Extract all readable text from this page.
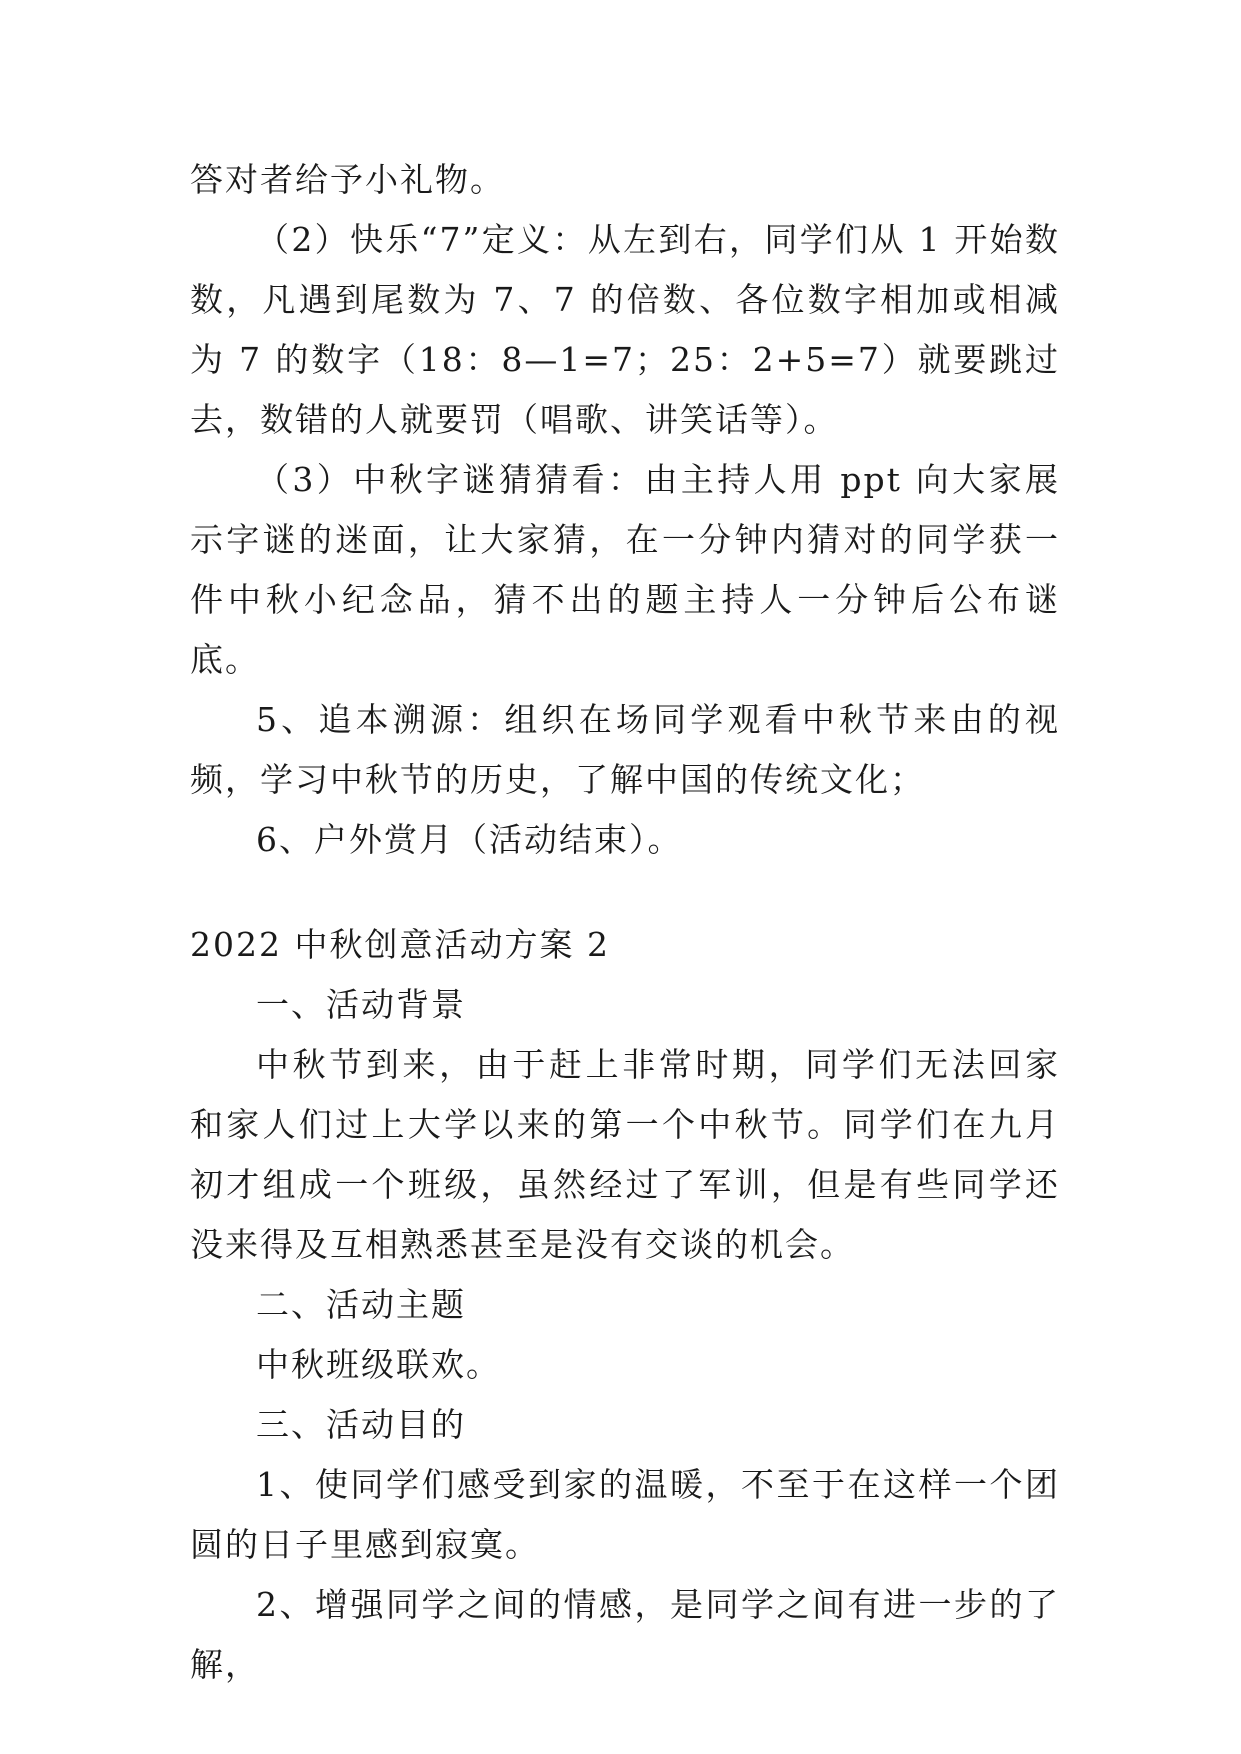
答对者给予小礼物。

（2）快乐“7”定义：从左到右，同学们从 1 开始数数，凡遇到尾数为 7、7 的倍数、各位数字相加或相减为 7 的数字（18：8—1=7；25：2+5=7）就要跳过去，数错的人就要罚（唱歌、讲笑话等）。

（3）中秋字谜猜猜看：由主持人用 ppt 向大家展示字谜的迷面，让大家猜，在一分钟内猜对的同学获一件中秋小纪念品，猜不出的题主持人一分钟后公布谜底。

5、追本溯源：组织在场同学观看中秋节来由的视频，学习中秋节的历史，了解中国的传统文化；

6、户外赏月（活动结束）。

2022 中秋创意活动方案 2

一、活动背景

中秋节到来，由于赶上非常时期，同学们无法回家和家人们过上大学以来的第一个中秋节。同学们在九月初才组成一个班级，虽然经过了军训，但是有些同学还没来得及互相熟悉甚至是没有交谈的机会。

二、活动主题

中秋班级联欢。

三、活动目的

1、使同学们感受到家的温暖，不至于在这样一个团圆的日子里感到寂寞。

2、增强同学之间的情感，是同学之间有进一步的了解，
